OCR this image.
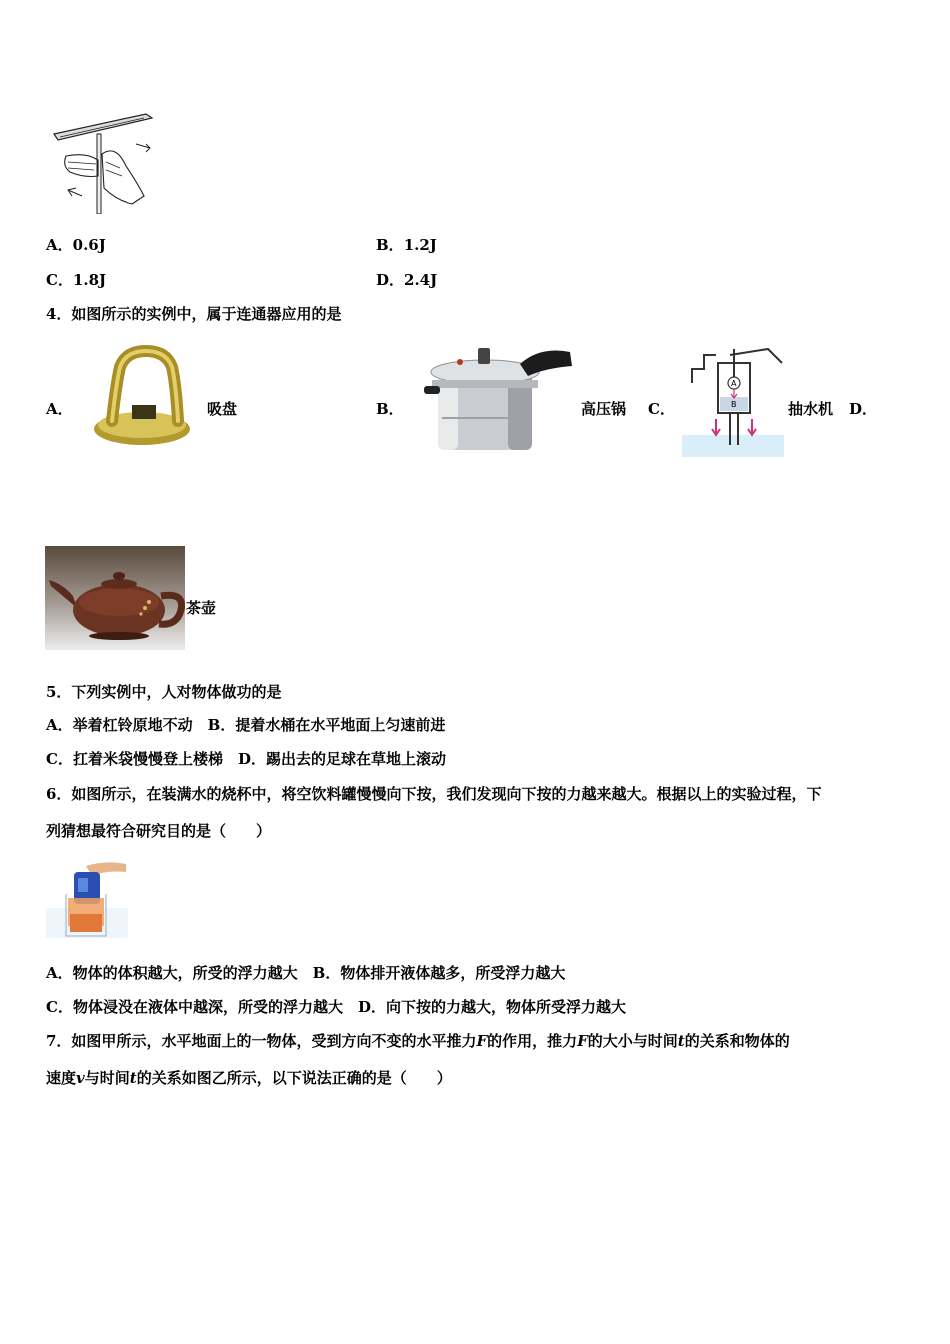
A．0.6J	B．1.2J
C．1.8J	D．2.4J
4．如图所示的实例中，属于连通器应用的是
A．	吸盘	B．	高压锅 C．
A
B	抽水机 D．
茶壶
5．下列实例中，人对物体做功的是
A．举着杠铃原地不动　B．提着水桶在水平地面上匀速前进
C．扛着米袋慢慢登上楼梯　D．踢出去的足球在草地上滚动
6．如图所示，在装满水的烧杯中，将空饮料罐慢慢向下按，我们发现向下按的力越来越大。根据以上的实验过程，下
列猜想最符合研究目的是（　　）
A．物体的体积越大，所受的浮力越大　B．物体排开液体越多，所受浮力越大
C．物体浸没在液体中越深，所受的浮力越大　D．向下按的力越大，物体所受浮力越大
7．如图甲所示，水平地面上的一物体，受到方向不变的水平推力F的作用，推力F的大小与时间t的关系和物体的
速度v与时间t的关系如图乙所示，以下说法正确的是（　　）
